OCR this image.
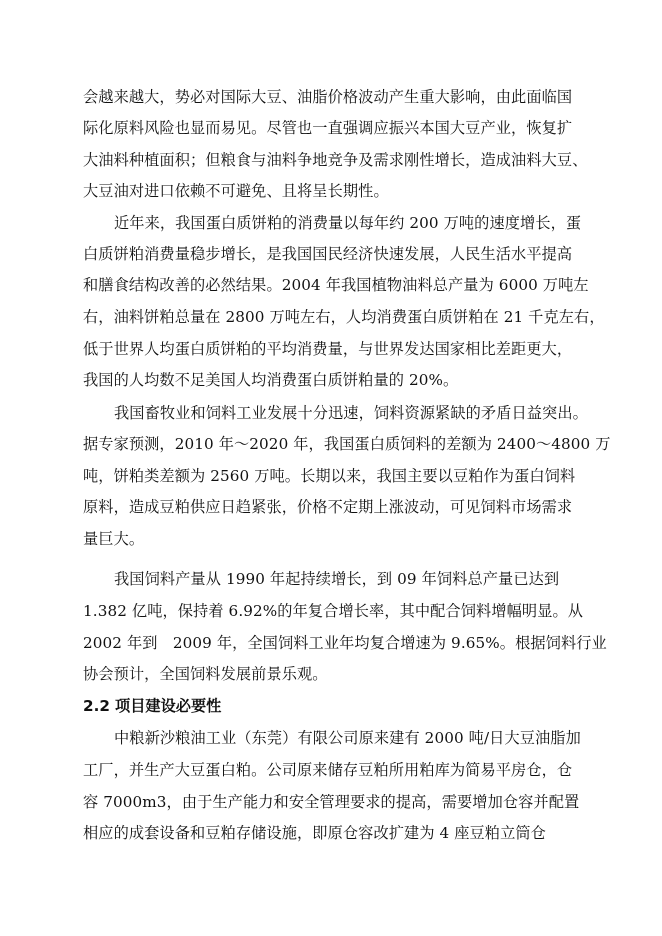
会越来越大，势必对国际大豆、油脂价格波动产生重大影响，由此面临国
际化原料风险也显而易见。尽管也一直强调应振兴本国大豆产业，恢复扩
大油料种植面积；但粮食与油料争地竞争及需求刚性增长，造成油料大豆、
大豆油对进口依赖不可避免、且将呈长期性。
近年来，我国蛋白质饼粕的消费量以每年约 200 万吨的速度增长，蛋
白质饼粕消费量稳步增长，是我国国民经济快速发展，人民生活水平提高
和膳食结构改善的必然结果。2004 年我国植物油料总产量为 6000 万吨左
右，油料饼粕总量在 2800 万吨左右，人均消费蛋白质饼粕在 21 千克左右，
低于世界人均蛋白质饼粕的平均消费量，与世界发达国家相比差距更大，
我国的人均数不足美国人均消费蛋白质饼粕量的 20%。
我国畜牧业和饲料工业发展十分迅速，饲料资源紧缺的矛盾日益突出。
据专家预测，2010 年～2020 年，我国蛋白质饲料的差额为 2400～4800 万
吨，饼粕类差额为 2560 万吨。长期以来，我国主要以豆粕作为蛋白饲料
原料，造成豆粕供应日趋紧张，价格不定期上涨波动，可见饲料市场需求
量巨大。
我国饲料产量从 1990 年起持续增长，到 09 年饲料总产量已达到
1.382 亿吨，保持着 6.92%的年复合增长率，其中配合饲料增幅明显。从
2002 年到　2009 年，全国饲料工业年均复合增速为 9.65%。根据饲料行业
协会预计，全国饲料发展前景乐观。
2.2 项目建设必要性
中粮新沙粮油工业（东莞）有限公司原来建有 2000 吨/日大豆油脂加
工厂，并生产大豆蛋白粕。公司原来储存豆粕所用粕库为简易平房仓，仓
容 7000m3，由于生产能力和安全管理要求的提高，需要增加仓容并配置
相应的成套设备和豆粕存储设施，即原仓容改扩建为 4 座豆粕立筒仓
